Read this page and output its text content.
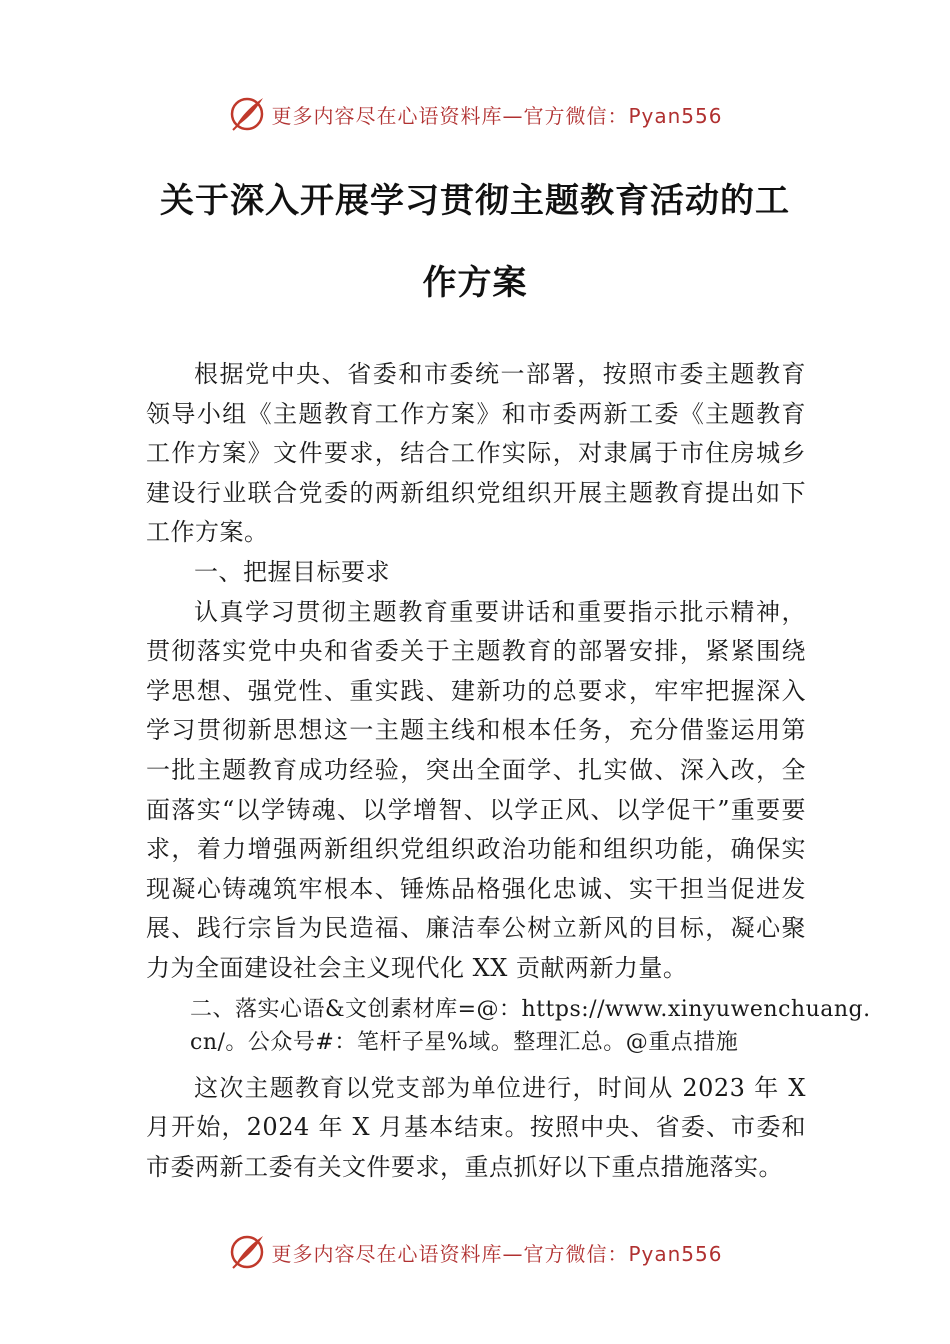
更多内容尽在心语资料库—官方微信：Pyan556
关于深入开展学习贯彻主题教育活动的工作方案

根据党中央、省委和市委统一部署，按照市委主题教育领导小组《主题教育工作方案》和市委两新工委《主题教育工作方案》文件要求，结合工作实际，对隶属于市住房城乡建设行业联合党委的两新组织党组织开展主题教育提出如下工作方案。

一、把握目标要求

认真学习贯彻主题教育重要讲话和重要指示批示精神，贯彻落实党中央和省委关于主题教育的部署安排，紧紧围绕学思想、强党性、重实践、建新功的总要求，牢牢把握深入学习贯彻新思想这一主题主线和根本任务，充分借鉴运用第一批主题教育成功经验，突出全面学、扎实做、深入改，全面落实“以学铸魂、以学增智、以学正风、以学促干”重要要求，着力增强两新组织党组织政治功能和组织功能，确保实现凝心铸魂筑牢根本、锤炼品格强化忠诚、实干担当促进发展、践行宗旨为民造福、廉洁奉公树立新风的目标，凝心聚力为全面建设社会主义现代化 XX 贡献两新力量。

二、落实心语&文创素材库=@：https://www.xinyuwenchuang.cn/。公众号#：笔杆子星%域。整理汇总。@重点措施

这次主题教育以党支部为单位进行，时间从 2023 年 X 月开始，2024 年 X 月基本结束。按照中央、省委、市委和市委两新工委有关文件要求，重点抓好以下重点措施落实。

更多内容尽在心语资料库—官方微信：Pyan556
